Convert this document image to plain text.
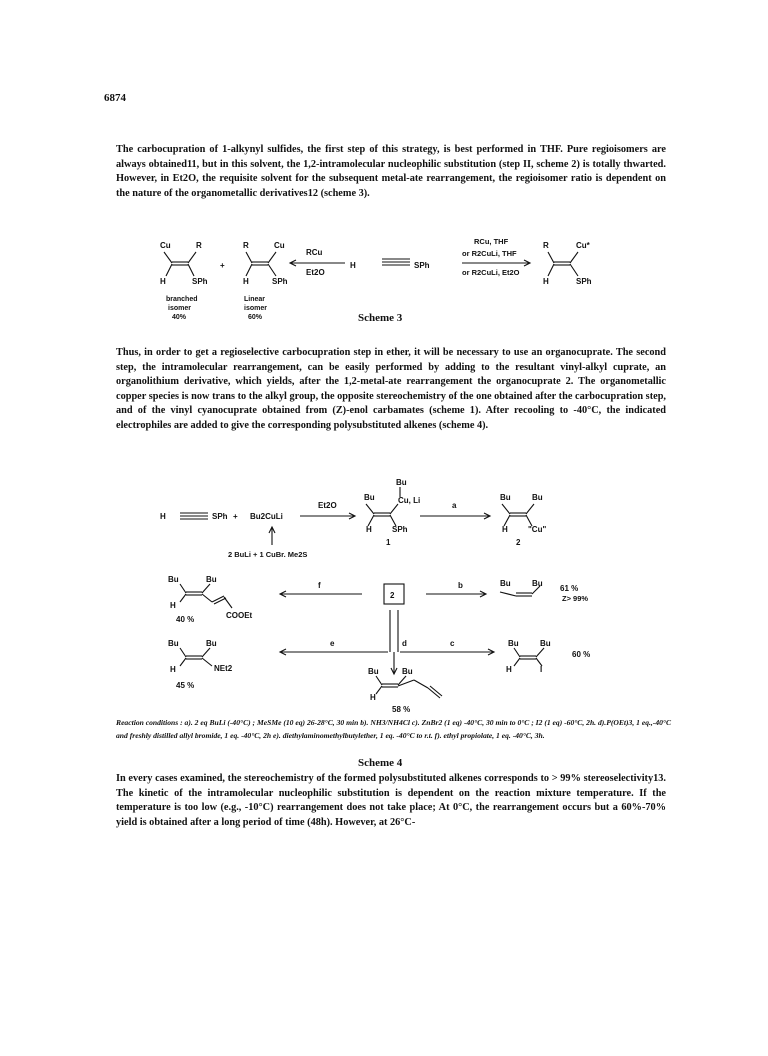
6874
The carbocupration of 1-alkynyl sulfides, the first step of this strategy, is best performed in THF. Pure regioisomers are always obtained11, but in this solvent, the 1,2-intramolecular nucleophilic substitution (step II, scheme 2) is totally thwarted. However, in Et2O, the requisite solvent for the subsequent metal-ate rearrangement, the regioisomer ratio is dependent on the nature of the organometallic derivatives12 (scheme 3).
Cu	R
H	SPh
+
R	Cu
H	SPh
RCu
Et2O
H	SPh
RCu, THF
or R2CuLi, THF
or R2CuLi, Et2O
R	Cu*
H	SPh
branched
isomer
40%
Linear
isomer
60%	Scheme 3
Thus, in order to get a regioselective carbocupration step in ether, it will be necessary to use an organocuprate. The second step, the intramolecular rearrangement, can be easily performed by adding to the resultant vinyl-alkyl cuprate, an organolithium derivative, which yields, after the 1,2-metal-ate rearrangement the organocuprate 2. The organometallic copper species is now trans to the alkyl group, the opposite stereochemistry of the one obtained after the carbocupration step, and of the vinyl cyanocuprate obtained from (Z)-enol carbamates (scheme 1). After recooling to -40°C, the indicated electrophiles are added to give the corresponding polysubstituted alkenes (scheme 4).
H	SPh + Bu2CuLi
Et2O
2 BuLi + 1 CuBr. Me2S
Bu
Bu
Cu, Li
H	SPh
1
a
Bu	Bu
H	"Cu"
2
2
f	b
d
e	c
Bu	Bu
61 %
Z> 99%
Bu	Bu
H
COOEt
40 %
Bu	Bu
H	NEt2
45 %
Bu	Bu
H	I
60 %
Bu	Bu
H
58 %
Reaction conditions : a). 2 eq BuLi (-40°C) ; MeSMe (10 eq) 26-28°C, 30 min b). NH3/NH4Cl c). ZnBr2 (1 eq) -40°C, 30 min to 0°C ; I2 (1 eq) -60°C, 2h. d).P(OEt)3, 1 eq.,-40°C and freshly distilled allyl bromide, 1 eq. -40°C, 2h e). diethylaminomethylbutylether, 1 eq. -40°C to r.t. f). ethyl propiolate, 1 eq. -40°C, 3h.
Scheme 4
In every cases examined, the stereochemistry of the formed polysubstituted alkenes corresponds to > 99% stereoselectivity13. The kinetic of the intramolecular nucleophilic substitution is dependent on the reaction mixture temperature. If the temperature is too low (e.g., -10°C) rearrangement does not take place; At 0°C, the rearrangement occurs but a 60%-70% yield is obtained after a long period of time (48h). However, at 26°C-
